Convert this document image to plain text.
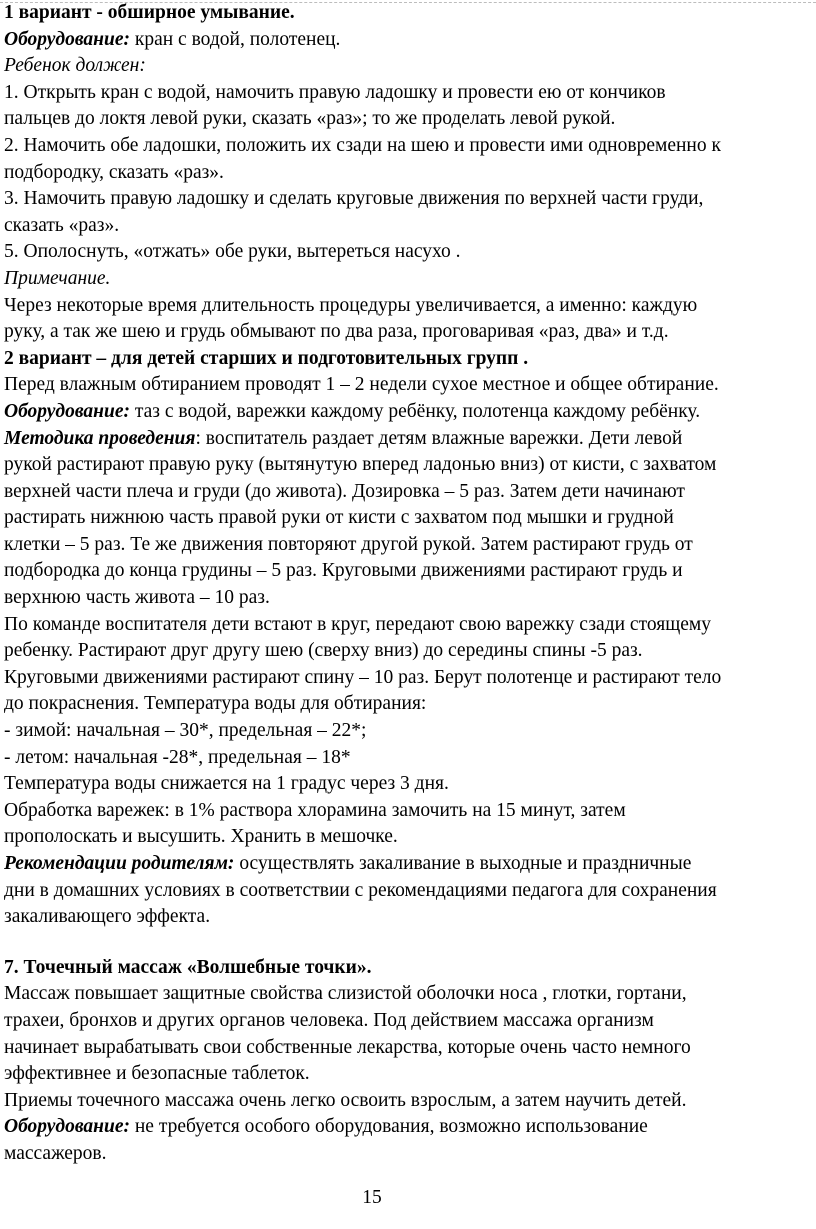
1 вариант - обширное умывание.

Оборудование: кран с водой, полотенец.

Ребенок должен:

1. Открыть кран с водой, намочить правую ладошку и провести ею от кончиков

пальцев до локтя левой руки, сказать «раз»; то же проделать левой рукой.

2. Намочить обе ладошки, положить их сзади на шею и провести ими одновременно к

подбородку, сказать «раз».

3. Намочить правую ладошку и сделать круговые движения по верхней части груди,

сказать «раз».

5. Ополоснуть, «отжать» обе руки, вытереться насухо .

Примечание.

Через некоторые время длительность процедуры увеличивается, а именно: каждую

руку, а так же шею и грудь обмывают по два раза, проговаривая «раз, два» и т.д.

2 вариант – для детей старших и подготовительных групп .

Перед влажным обтиранием проводят 1 – 2 недели сухое местное и общее обтирание.

Оборудование: таз с водой, варежки каждому ребёнку, полотенца каждому ребёнку.

Методика проведения: воспитатель раздает детям влажные варежки. Дети левой

рукой растирают правую руку (вытянутую вперед ладонью вниз) от кисти, с захватом

верхней части плеча и груди (до живота). Дозировка – 5 раз. Затем дети начинают

растирать нижнюю часть правой руки от кисти с захватом под мышки и грудной

клетки – 5 раз. Те же движения повторяют другой рукой. Затем растирают грудь от

подбородка до конца грудины – 5 раз. Круговыми движениями растирают грудь и

верхнюю часть живота – 10 раз.

По команде воспитателя дети встают в круг, передают свою варежку сзади стоящему

ребенку. Растирают друг другу шею (сверху вниз) до середины спины -5 раз.

Круговыми движениями растирают спину – 10 раз. Берут полотенце и растирают тело

до покраснения. Температура воды для обтирания:

- зимой: начальная – 30*, предельная – 22*;

- летом: начальная -28*, предельная – 18*

Температура воды снижается на 1 градус через 3 дня.

Обработка варежек: в 1% раствора хлорамина замочить на 15 минут, затем

прополоскать и высушить. Хранить в мешочке.

Рекомендации родителям: осуществлять закаливание в выходные и праздничные

дни в домашних условиях в соответствии с рекомендациями педагога для сохранения

закаливающего эффекта.

7. Точечный массаж «Волшебные точки».

Массаж повышает защитные свойства слизистой оболочки носа , глотки, гортани,

трахеи, бронхов и других органов человека. Под действием массажа организм

начинает вырабатывать свои собственные лекарства, которые очень часто немного

эффективнее и безопасные таблеток.

Приемы точечного массажа очень легко освоить взрослым, а затем научить детей.

Оборудование: не требуется особого оборудования, возможно использование

массажеров.

15
